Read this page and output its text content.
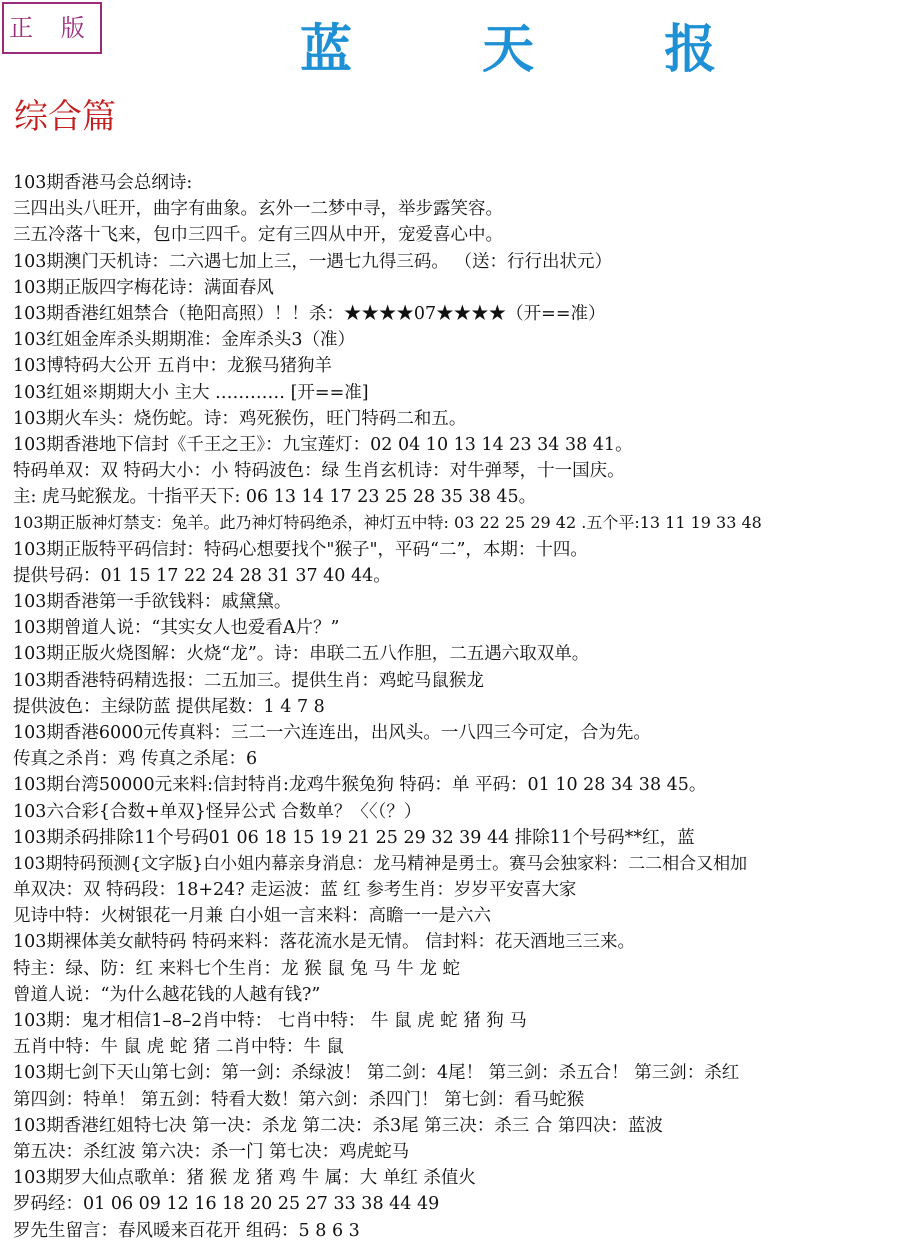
正 版	蓝 天 报
综合篇
103期香港马会总纲诗:
三四出头八旺开，曲字有曲象。玄外一二梦中寻，举步露笑容。
三五冷落十飞来，包巾三四千。定有三四从中开，宠爱喜心中。
103期澳门天机诗：二六遇七加上三，一遇七九得三码。 （送：行行出状元）
103期正版四字梅花诗：满面春风
103期香港红姐禁合（艳阳高照）！！杀：★★★★07★★★★（开==准）
103红姐金库杀头期期准：金库杀头3（准）
103博特码大公开 五肖中：龙猴马猪狗羊
103红姐※期期大小 主大 ………… [开==准]
103期火车头：烧伤蛇。诗：鸡死猴伤，旺门特码二和五。
103期香港地下信封《千王之王》：九宝莲灯：02 04 10 13 14 23 34 38 41。
特码单双：双 特码大小：小 特码波色：绿 生肖玄机诗：对牛弹琴，十一国庆。
主: 虎马蛇猴龙。十指平天下: 06 13 14 17 23 25 28 35 38 45。
103期正版神灯禁支：兔羊。此乃神灯特码绝杀，神灯五中特: 03 22 25 29 42 .五个平:13 11 19 33 48
103期正版特平码信封：特码心想要找个"猴子"，平码“二”，本期：十四。
提供号码：01 15 17 22 24 28 31 37 40 44。
103期香港第一手欲钱料：戚黛黛。
103期曾道人说：“其实女人也爱看A片？”
103期正版火烧图解：火烧“龙”。诗：串联二五八作胆，二五遇六取双单。
103期香港特码精选报：二五加三。提供生肖：鸡蛇马鼠猴龙
提供波色：主绿防蓝 提供尾数：1 4 7 8
103期香港6000元传真料：三二一六连连出，出风头。一八四三今可定，合为先。
传真之杀肖：鸡 传真之杀尾：6
103期台湾50000元来料:信封特肖:龙鸡牛猴兔狗 特码：单 平码：01 10 28 34 38 45。
103六合彩{合数+单双}怪异公式 合数单？〈〈（？）
103期杀码排除11个号码01 06 18 15 19 21 25 29 32 39 44 排除11个号码**红，蓝
103期特码预测{文字版}白小姐内幕亲身消息：龙马精神是勇士。赛马会独家料：二二相合又相加
单双决：双 特码段：18+24? 走运波：蓝 红 参考生肖：岁岁平安喜大家
见诗中特：火树银花一月兼 白小姐一言来料：高瞻一一是六六
103期裸体美女献特码 特码来料：落花流水是无情。 信封料：花天酒地三三来。
特主：绿、防：红 来料七个生肖：龙 猴 鼠 兔 马 牛 龙 蛇
曾道人说：“为什么越花钱的人越有钱?”
103期：鬼才相信1–8–2肖中特： 七肖中特： 牛 鼠 虎 蛇 猪 狗 马
五肖中特：牛 鼠 虎 蛇 猪 二肖中特：牛 鼠
103期七剑下天山第七剑：第一剑：杀绿波！ 第二剑：4尾！ 第三剑：杀五合！ 第三剑：杀红
第四剑：特单！ 第五剑：特看大数！第六剑：杀四门！ 第七剑：看马蛇猴
103期香港红姐特七决 第一决：杀龙 第二决：杀3尾 第三决：杀三 合 第四决：蓝波
第五决：杀红波 第六决：杀一门 第七决：鸡虎蛇马
103期罗大仙点歌单：猪 猴 龙 猪 鸡 牛 属：大 单红 杀值火
罗码经：01 06 09 12 16 18 20 25 27 33 38 44 49
罗先生留言：春风暖来百花开 组码：5 8 6 3
